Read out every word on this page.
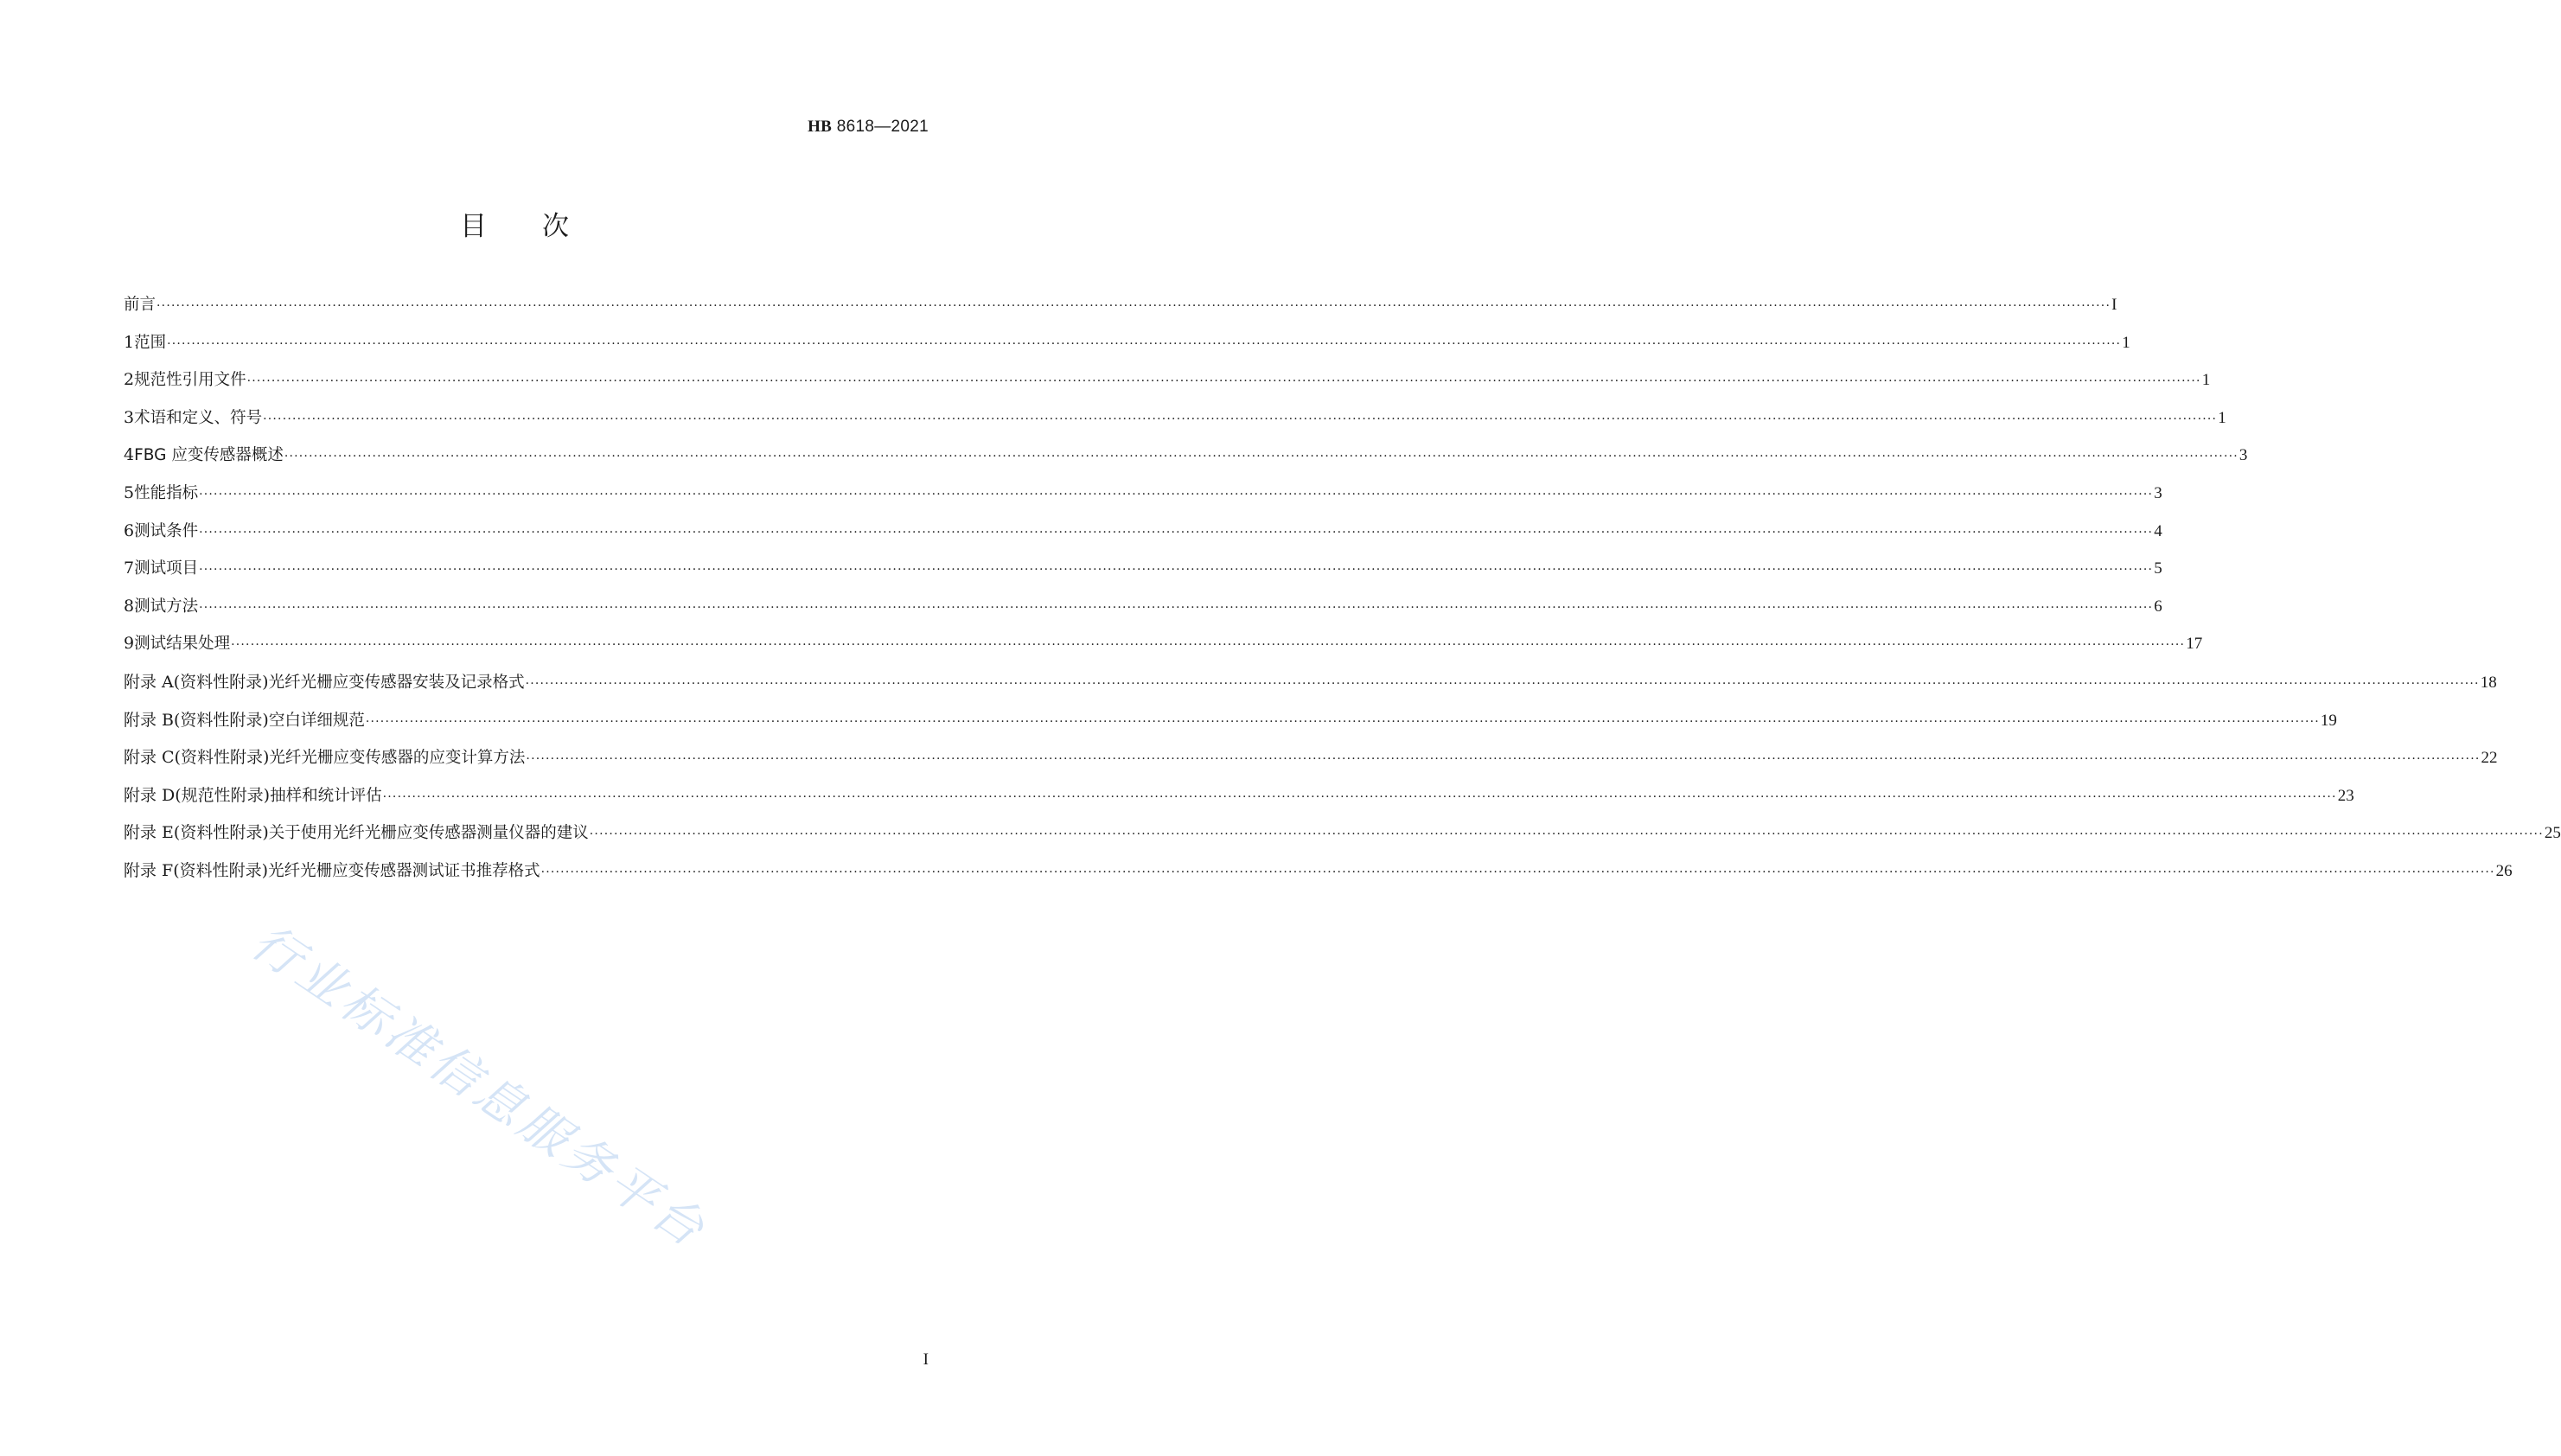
HB 8618—2021
目 次
前言 ················································································································································································································································································································································································································ I
1 范围 ················································································································································································································································································································································································································ 1
2 规范性引用文件 ················································································································································································································································································································································································································ 1
3 术语和定义、符号 ················································································································································································································································································································································································································ 1
4 FBG 应变传感器概述 ················································································································································································································································································································································································································ 3
5 性能指标 ················································································································································································································································································································································································································ 3
6 测试条件 ················································································································································································································································································································································································································ 4
7 测试项目 ················································································································································································································································································································································································································ 5
8 测试方法 ················································································································································································································································································································································································································ 6
9 测试结果处理 ················································································································································································································································································································································································································ 17
附录 A(资料性附录) 光纤光栅应变传感器安装及记录格式 ················································································································································································································································································································································································································ 18
附录 B(资料性附录) 空白详细规范 ················································································································································································································································································································································································································ 19
附录 C(资料性附录) 光纤光栅应变传感器的应变计算方法 ················································································································································································································································································································································································································ 22
附录 D(规范性附录) 抽样和统计评估 ················································································································································································································································································································································································································ 23
附录 E(资料性附录) 关于使用光纤光栅应变传感器测量仪器的建议 ················································································································································································································································································································································································································ 25
附录 F(资料性附录) 光纤光栅应变传感器测试证书推荐格式 ················································································································································································································································································································································································································ 26
行业标准信息服务平台
I
